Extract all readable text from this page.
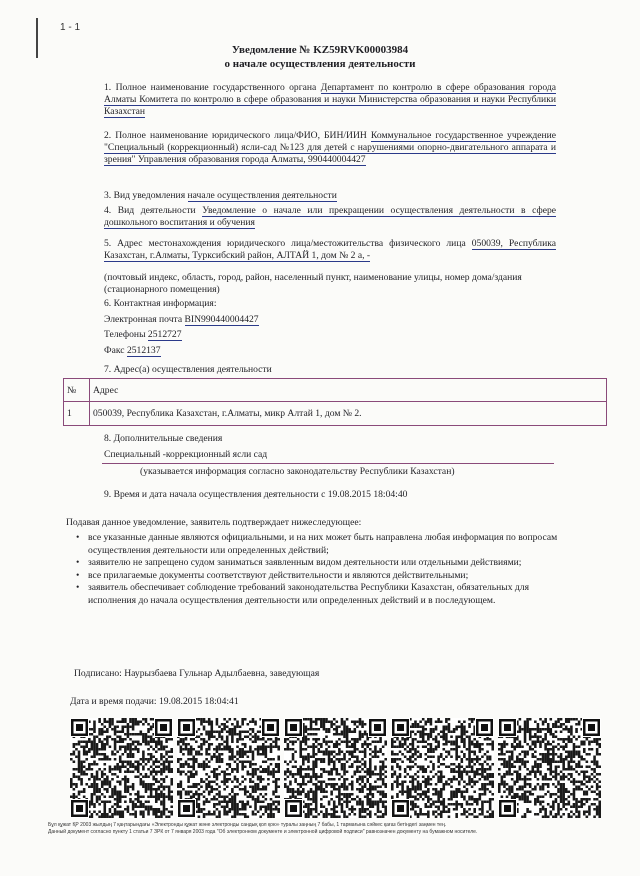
1 - 1
Уведомление № KZ59RVK00003984
о начале осуществления деятельности
1. Полное наименование государственного органа Департамент по контролю в сфере образования города Алматы Комитета по контролю в сфере образования и науки Министерства образования и науки Республики Казахстан
2. Полное наименование юридического лица/ФИО, БИН/ИИН Коммунальное государственное учреждение "Специальный (коррекционный) ясли-сад №123 для детей с нарушениями опорно-двигательного аппарата и зрения" Управления образования города Алматы, 990440004427
3. Вид уведомления начале осуществления деятельности
4. Вид деятельности Уведомление о начале или прекращении осуществления деятельности в сфере дошкольного воспитания и обучения
5. Адрес местонахождения юридического лица/местожительства физического лица 050039, Республика Казахстан, г.Алматы, Турксибский район, АЛТАЙ 1, дом № 2 а, -
(почтовый индекс, область, город, район, населенный пункт, наименование улицы, номер дома/здания (стационарного помещения)
6. Контактная информация:
Электронная почта BIN990440004427
Телефоны 2512727
Факс 2512137
7. Адрес(а) осуществления деятельности
№	Адрес
1	050039, Республика Казахстан, г.Алматы, микр Алтай 1, дом № 2.
8. Дополнительные сведения
Специальный -коррекционный ясли сад
(указывается информация согласно законодательству Республики Казахстан)
9. Время и дата начала осуществления деятельности с 19.08.2015 18:04:40
Подавая данное уведомление, заявитель подтверждает нижеследующее:
• все указанные данные являются официальными, и на них может быть направлена любая информация по вопросам осуществления деятельности или определенных действий;
• заявителю не запрещено судом заниматься заявленным видом деятельности или отдельными действиями;
• все прилагаемые документы соответствуют действительности и являются действительными;
• заявитель обеспечивает соблюдение требований законодательства Республики Казахстан, обязательных для исполнения до начала осуществления деятельности или определенных действий и в последующем.
Подписано: Наурызбаева Гульнар Адылбаевна, заведующая
Дата и время подачи: 19.08.2015 18:04:41
Бұл құжат ҚР 2003 жылдың 7 қаңтарындағы «Электронды құжат және электронды сандық қол қою» туралы заңның 7 бабы, 1 тармағына сәйкес қағаз бетіндегі заңмен тең.
Данный документ согласно пункту 1 статьи 7 ЗРК от 7 января 2003 года "Об электронном документе и электронной цифровой подписи" равнозначен документу на бумажном носителе.
